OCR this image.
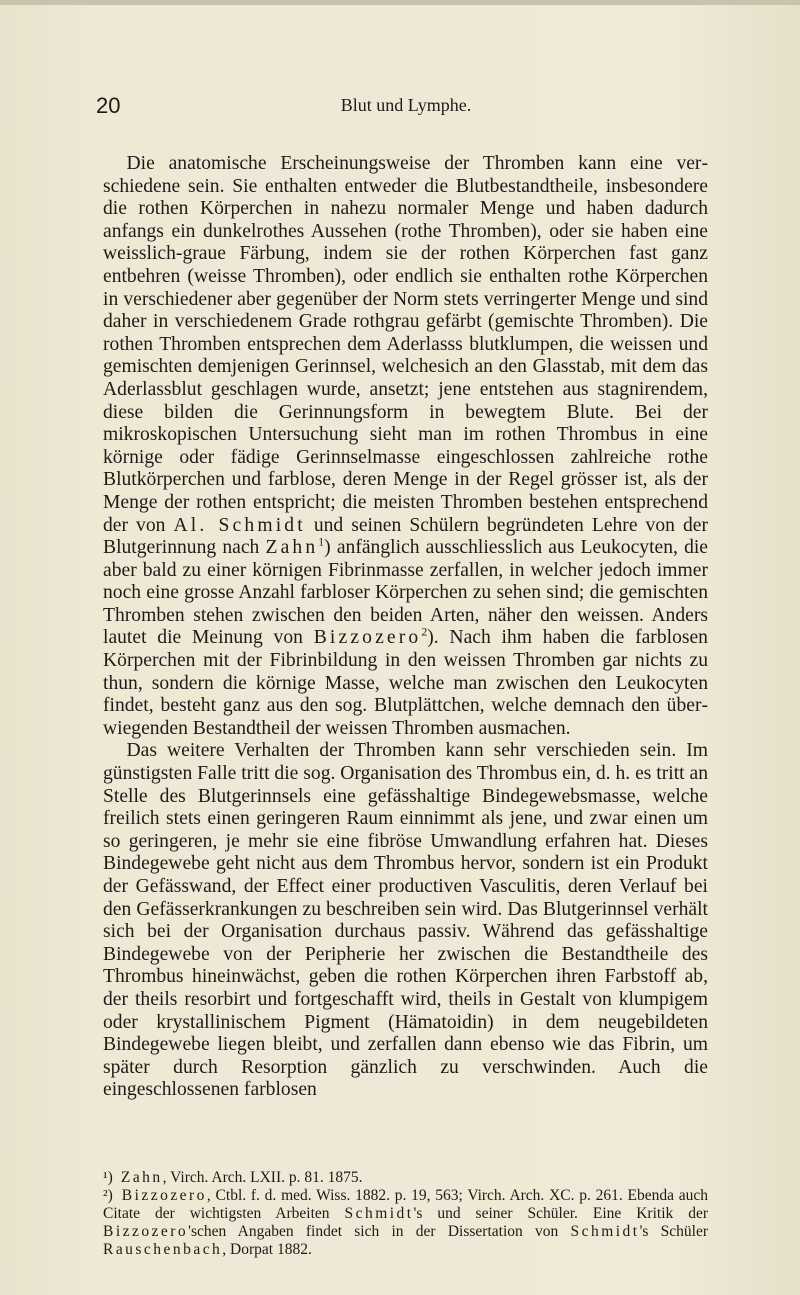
20	Blut und Lymphe.

Die anatomische Erscheinungsweise der Thromben kann eine verschiedene sein. Sie enthalten entweder die Blutbestandtheile, insbesondere die rothen Körperchen in nahezu normaler Menge und haben dadurch anfangs ein dunkelrothes Aussehen (rothe Thromben), oder sie haben eine weisslich-graue Färbung, indem sie der rothen Körperchen fast ganz entbehren (weisse Thromben), oder endlich sie enthalten rothe Körperchen in verschiedener aber gegenüber der Norm stets verringerter Menge und sind daher in verschiedenem Grade rothgrau gefärbt (gemischte Thromben). Die rothen Thromben entsprechen dem Aderlasss blutklumpen, die weissen und gemischten demjenigen Gerinnsel, welchesich an den Glasstab, mit dem das Aderlassblut geschlagen wurde, ansetzt; jene entstehen aus stagnirendem, diese bilden die Gerinnungsform in bewegtem Blute. Bei der mikroskopischen Untersuchung sieht man im rothen Thrombus in eine körnige oder fädige Gerinnselmasse eingeschlossen zahlreiche rothe Blutkörperchen und farblose, deren Menge in der Regel grösser ist, als der Menge der rothen entspricht; die meisten Thromben bestehen entsprechend der von Al. Schmidt und seinen Schülern begründeten Lehre von der Blutgerinnung nach Zahn$^1$) anfänglich ausschliesslich aus Leukocyten, die aber bald zu einer körnigen Fibrinmasse zerfallen, in welcher jedoch immer noch eine grosse Anzahl farbloser Körperchen zu sehen sind; die gemischten Thromben stehen zwischen den beiden Arten, näher den weissen. Anders lautet die Meinung von Bizzozero$^2$). Nach ihm haben die farblosen Körperchen mit der Fibrinbildung in den weissen Thromben gar nichts zu thun, sondern die körnige Masse, welche man zwischen den Leukocyten findet, besteht ganz aus den sog. Blutplättchen, welche demnach den überwiegenden Bestandtheil der weissen Thromben ausmachen.

Das weitere Verhalten der Thromben kann sehr verschieden sein. Im günstigsten Falle tritt die sog. Organisation des Thrombus ein, d. h. es tritt an Stelle des Blutgerinnsels eine gefässhaltige Bindegewebsmasse, welche freilich stets einen geringeren Raum einnimmt als jene, und zwar einen um so geringeren, je mehr sie eine fibröse Umwandlung erfahren hat. Dieses Bindegewebe geht nicht aus dem Thrombus hervor, sondern ist ein Produkt der Gefässwand, der Effect einer productiven Vasculitis, deren Verlauf bei den Gefässerkrankungen zu beschreiben sein wird. Das Blutgerinnsel verhält sich bei der Organisation durchaus passiv. Während das gefässhaltige Bindegewebe von der Peripherie her zwischen die Bestandtheile des Thrombus hineinwächst, geben die rothen Körperchen ihren Farbstoff ab, der theils resorbirt und fortgeschafft wird, theils in Gestalt von klumpigem oder krystallinischem Pigment (Hämatoidin) in dem neugebildeten Bindegewebe liegen bleibt, und zerfallen dann ebenso wie das Fibrin, um später durch Resorption gänzlich zu verschwinden. Auch die eingeschlossenen farblosen

¹) Zahn, Virch. Arch. LXII. p. 81. 1875.

²) Bizzozero, Ctbl. f. d. med. Wiss. 1882. p. 19, 563; Virch. Arch. XC. p. 261. Ebenda auch Citate der wichtigsten Arbeiten Schmidt's und seiner Schüler. Eine Kritik der Bizzozero'schen Angaben findet sich in der Dissertation von Schmidt's Schüler Rauschenbach, Dorpat 1882.
